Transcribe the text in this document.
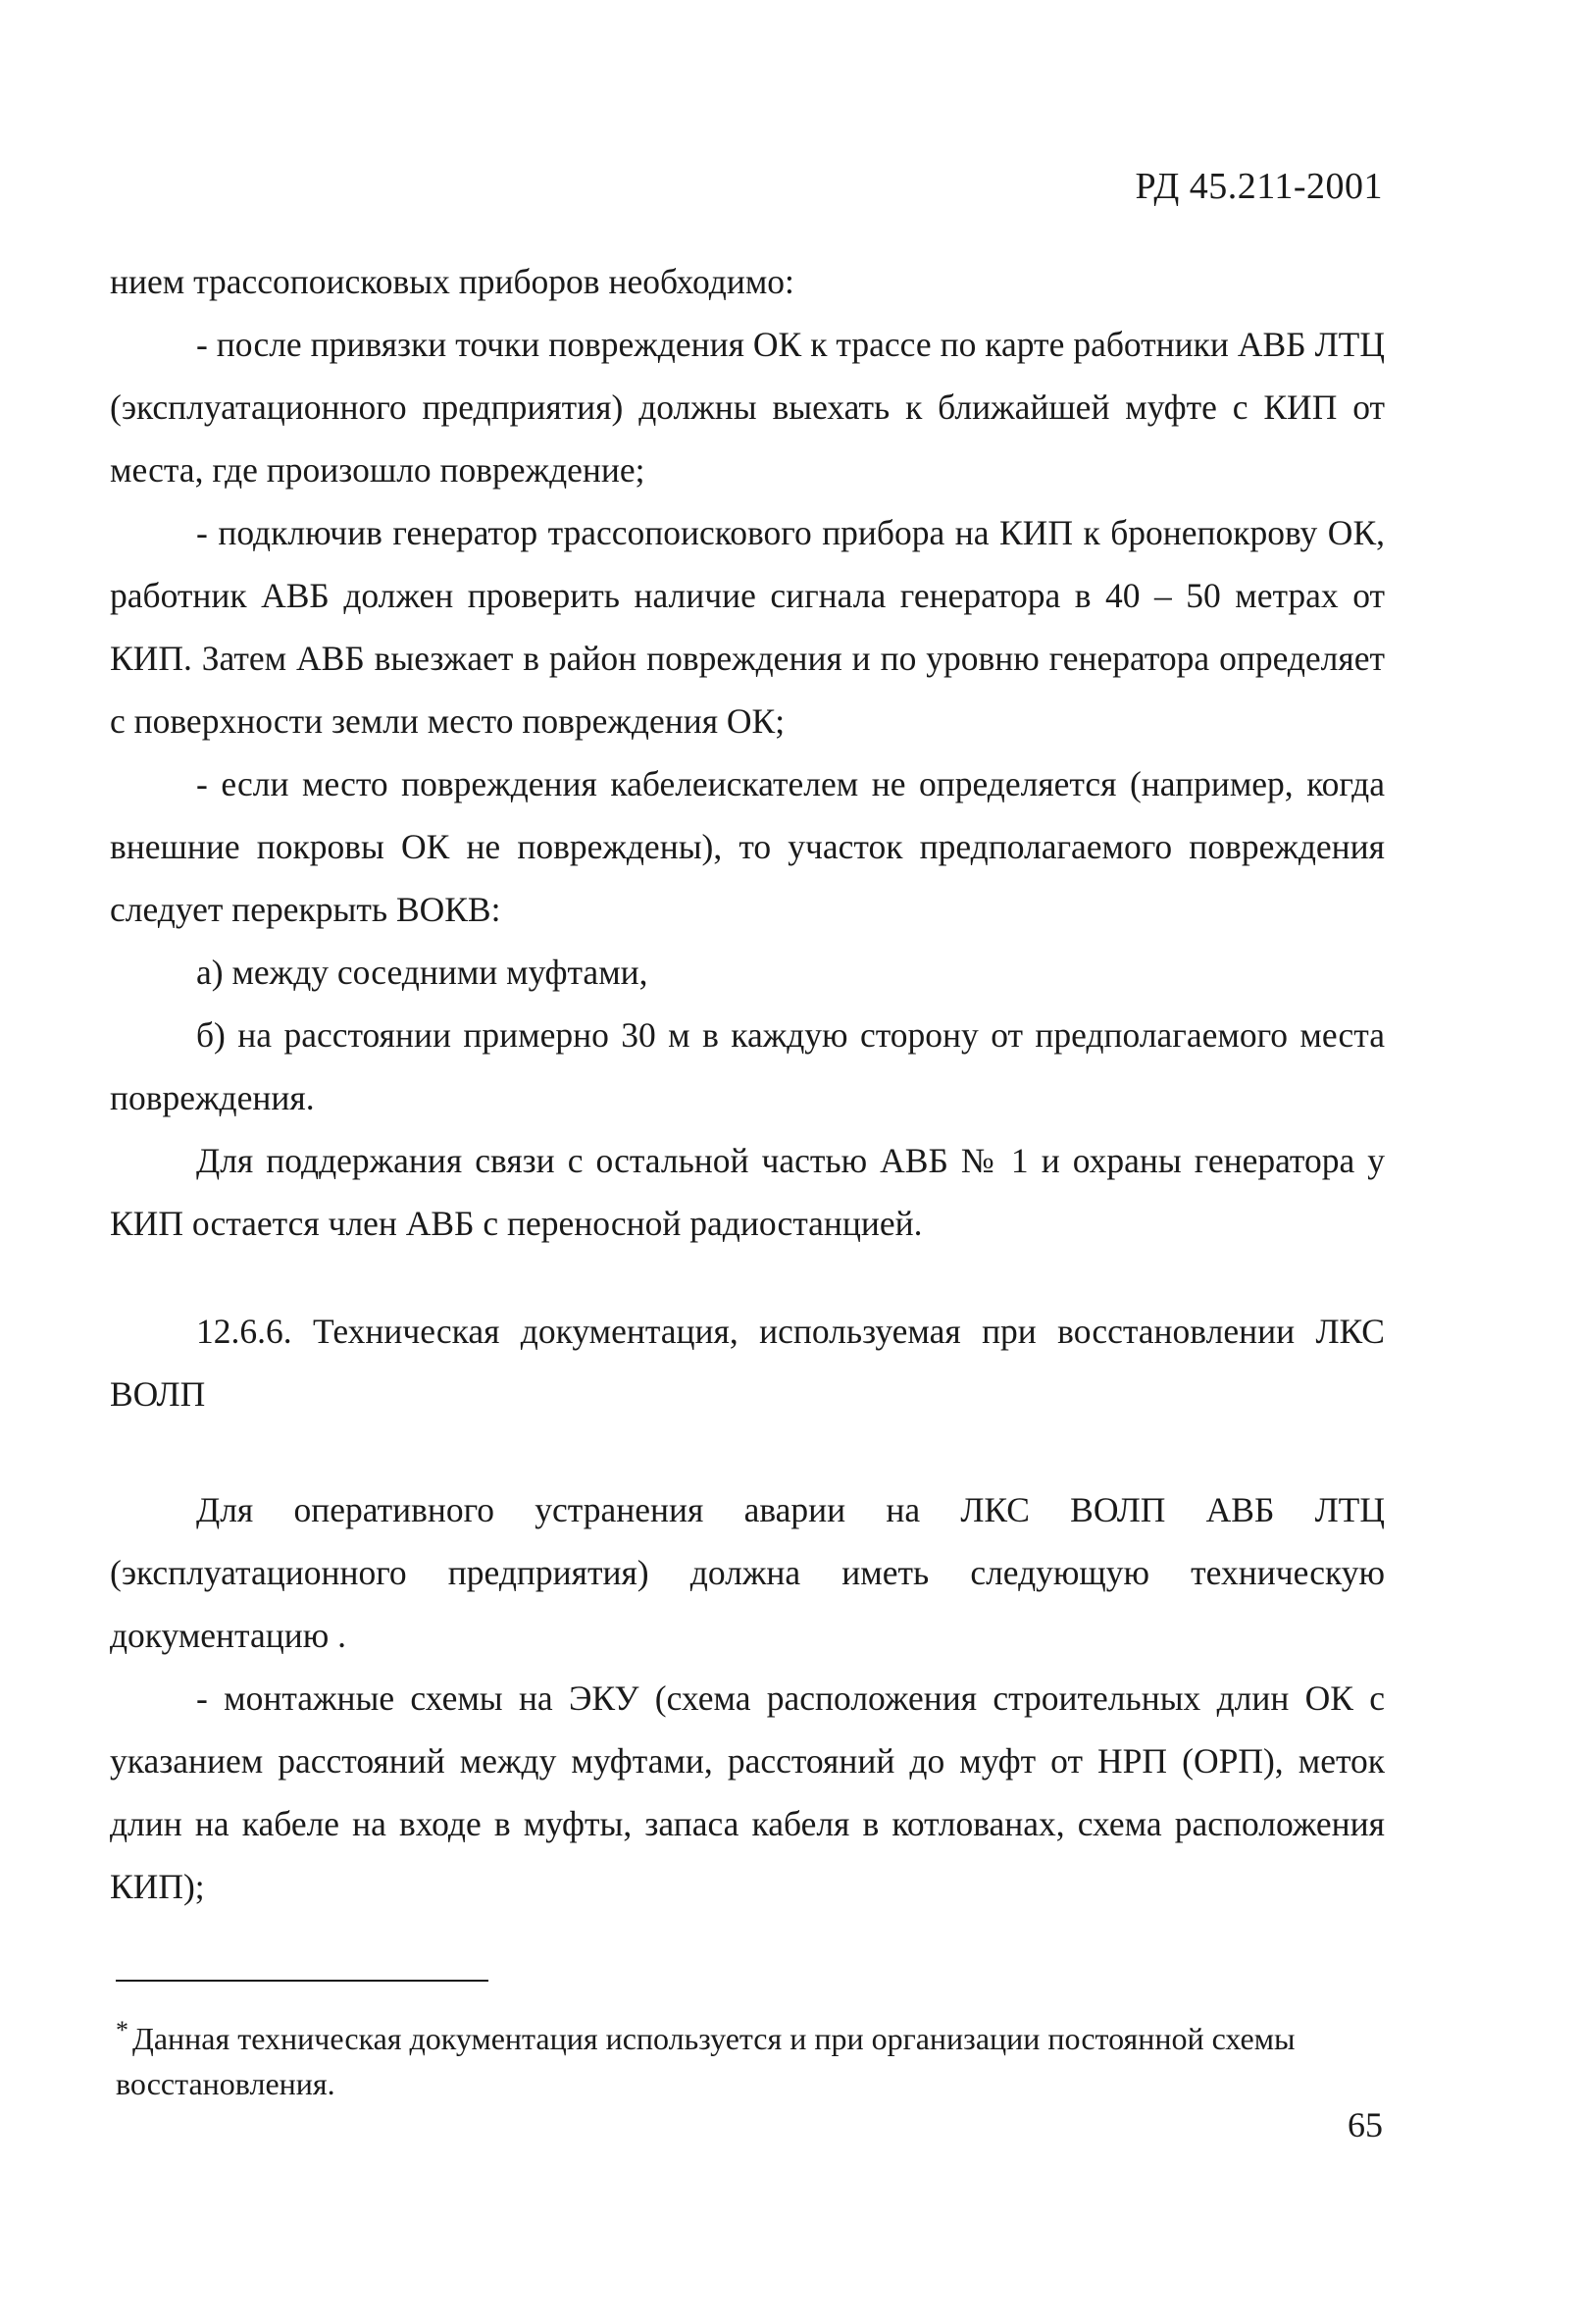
РД 45.211-2001

нием трассопоисковых приборов необходимо:

- после привязки точки повреждения ОК к трассе по карте работники АВБ ЛТЦ (эксплуатационного предприятия) должны выехать к ближайшей муфте с КИП от места, где произошло повреждение;

- подключив генератор трассопоискового прибора на КИП к бронепокрову ОК, работник АВБ должен проверить наличие сигнала генератора в 40 – 50 метрах от КИП. Затем АВБ выезжает в район повреждения и по уровню генератора определяет с поверхности земли место повреждения ОК;

- если место повреждения кабелеискателем не определяется (например, когда внешние покровы ОК не повреждены), то участок предполагаемого повреждения следует перекрыть ВОКВ:

а) между соседними муфтами,

б) на расстоянии примерно 30 м в каждую сторону от предполагаемого места повреждения.

Для поддержания связи с остальной частью АВБ № 1 и охраны генератора у КИП остается член АВБ с переносной радиостанцией.

12.6.6. Техническая документация, используемая при восстановлении ЛКС ВОЛП

Для оперативного устранения аварии на ЛКС ВОЛП АВБ ЛТЦ (эксплуатационного предприятия) должна иметь следующую техническую документацию .

- монтажные схемы на ЭКУ (схема расположения строительных длин ОК с указанием расстояний между муфтами, расстояний до муфт от НРП (ОРП), меток длин на кабеле на входе в муфты, запаса кабеля в котлованах, схема расположения КИП);

* Данная техническая документация используется и при организации постоянной схемы восстановления.
65
